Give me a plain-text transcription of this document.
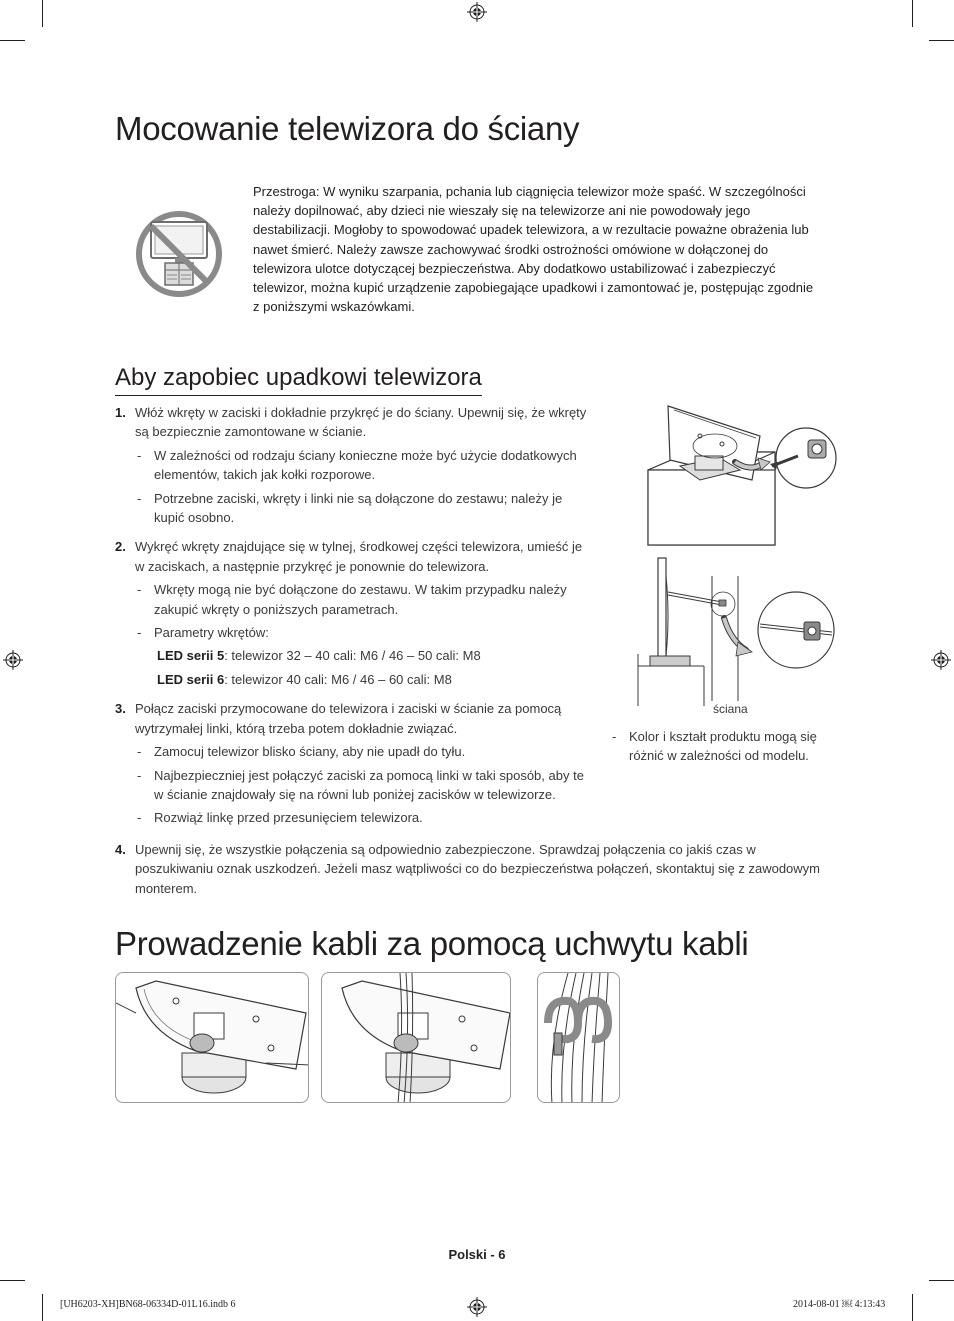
Mocowanie telewizora do ściany
Przestroga: W wyniku szarpania, pchania lub ciągnięcia telewizor może spaść. W szczególności należy dopilnować, aby dzieci nie wieszały się na telewizorze ani nie powodowały jego destabilizacji. Mogłoby to spowodować upadek telewizora, a w rezultacie poważne obrażenia lub nawet śmierć. Należy zawsze zachowywać środki ostrożności omówione w dołączonej do telewizora ulotce dotyczącej bezpieczeństwa. Aby dodatkowo ustabilizować i zabezpieczyć telewizor, można kupić urządzenie zapobiegające upadkowi i zamontować je, postępując zgodnie z poniższymi wskazówkami.
Aby zapobiec upadkowi telewizora
1. Włóż wkręty w zaciski i dokładnie przykręć je do ściany. Upewnij się, że wkręty są bezpiecznie zamontowane w ścianie.
- W zależności od rodzaju ściany konieczne może być użycie dodatkowych elementów, takich jak kołki rozporowe.
- Potrzebne zaciski, wkręty i linki nie są dołączone do zestawu; należy je kupić osobno.
2. Wykręć wkręty znajdujące się w tylnej, środkowej części telewizora, umieść je w zaciskach, a następnie przykręć je ponownie do telewizora.
- Wkręty mogą nie być dołączone do zestawu. W takim przypadku należy zakupić wkręty o poniższych parametrach.
- Parametry wkrętów:
LED serii 5: telewizor 32 – 40 cali: M6 / 46 – 50 cali: M8
LED serii 6: telewizor 40 cali: M6 / 46 – 60 cali: M8
3. Połącz zaciski przymocowane do telewizora i zaciski w ścianie za pomocą wytrzymałej linki, którą trzeba potem dokładnie związać.
- Zamocuj telewizor blisko ściany, aby nie upadł do tyłu.
- Najbezpieczniej jest połączyć zaciski za pomocą linki w taki sposób, aby te w ścianie znajdowały się na równi lub poniżej zacisków w telewizorze.
- Rozwiąż linkę przed przesunięciem telewizora.
4. Upewnij się, że wszystkie połączenia są odpowiednio zabezpieczone. Sprawdzaj połączenia co jakiś czas w poszukiwaniu oznak uszkodzeń. Jeżeli masz wątpliwości co do bezpieczeństwa połączeń, skontaktuj się z zawodowym monterem.
ściana
- Kolor i kształt produktu mogą się różnić w zależności od modelu.
Prowadzenie kabli za pomocą uchwytu kabli
Polski - 6
[UH6203-XH]BN68-06334D-01L16.indb 6	2014-08-01 ￼ 4:13:43
